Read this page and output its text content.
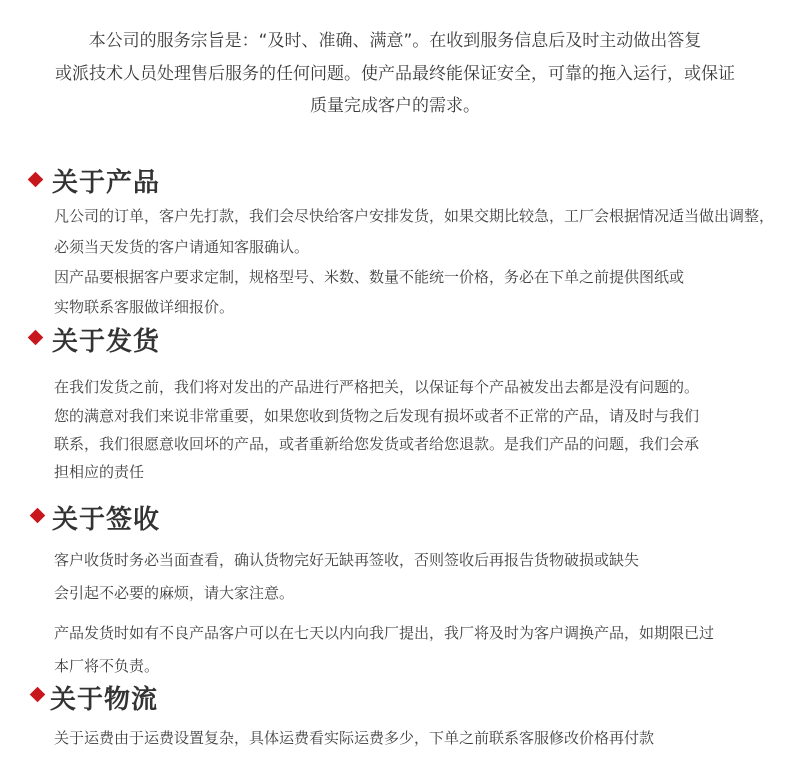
本公司的服务宗旨是：“及时、准确、满意”。在收到服务信息后及时主动做出答复
或派技术人员处理售后服务的任何问题。使产品最终能保证安全，可靠的拖入运行，或保证
质量完成客户的需求。
关于产品
凡公司的订单，客户先打款，我们会尽快给客户安排发货，如果交期比较急，工厂会根据情况适当做出调整，
必须当天发货的客户请通知客服确认。
因产品要根据客户要求定制，规格型号、米数、数量不能统一价格，务必在下单之前提供图纸或
实物联系客服做详细报价。
关于发货
在我们发货之前，我们将对发出的产品进行严格把关，以保证每个产品被发出去都是没有问题的。
您的满意对我们来说非常重要，如果您收到货物之后发现有损坏或者不正常的产品，请及时与我们
联系，我们很愿意收回坏的产品，或者重新给您发货或者给您退款。是我们产品的问题，我们会承
担相应的责任
关于签收
客户收货时务必当面查看，确认货物完好无缺再签收，否则签收后再报告货物破损或缺失
会引起不必要的麻烦，请大家注意。
产品发货时如有不良产品客户可以在七天以内向我厂提出，我厂将及时为客户调换产品，如期限已过
本厂将不负责。
关于物流
关于运费由于运费设置复杂，具体运费看实际运费多少，下单之前联系客服修改价格再付款
